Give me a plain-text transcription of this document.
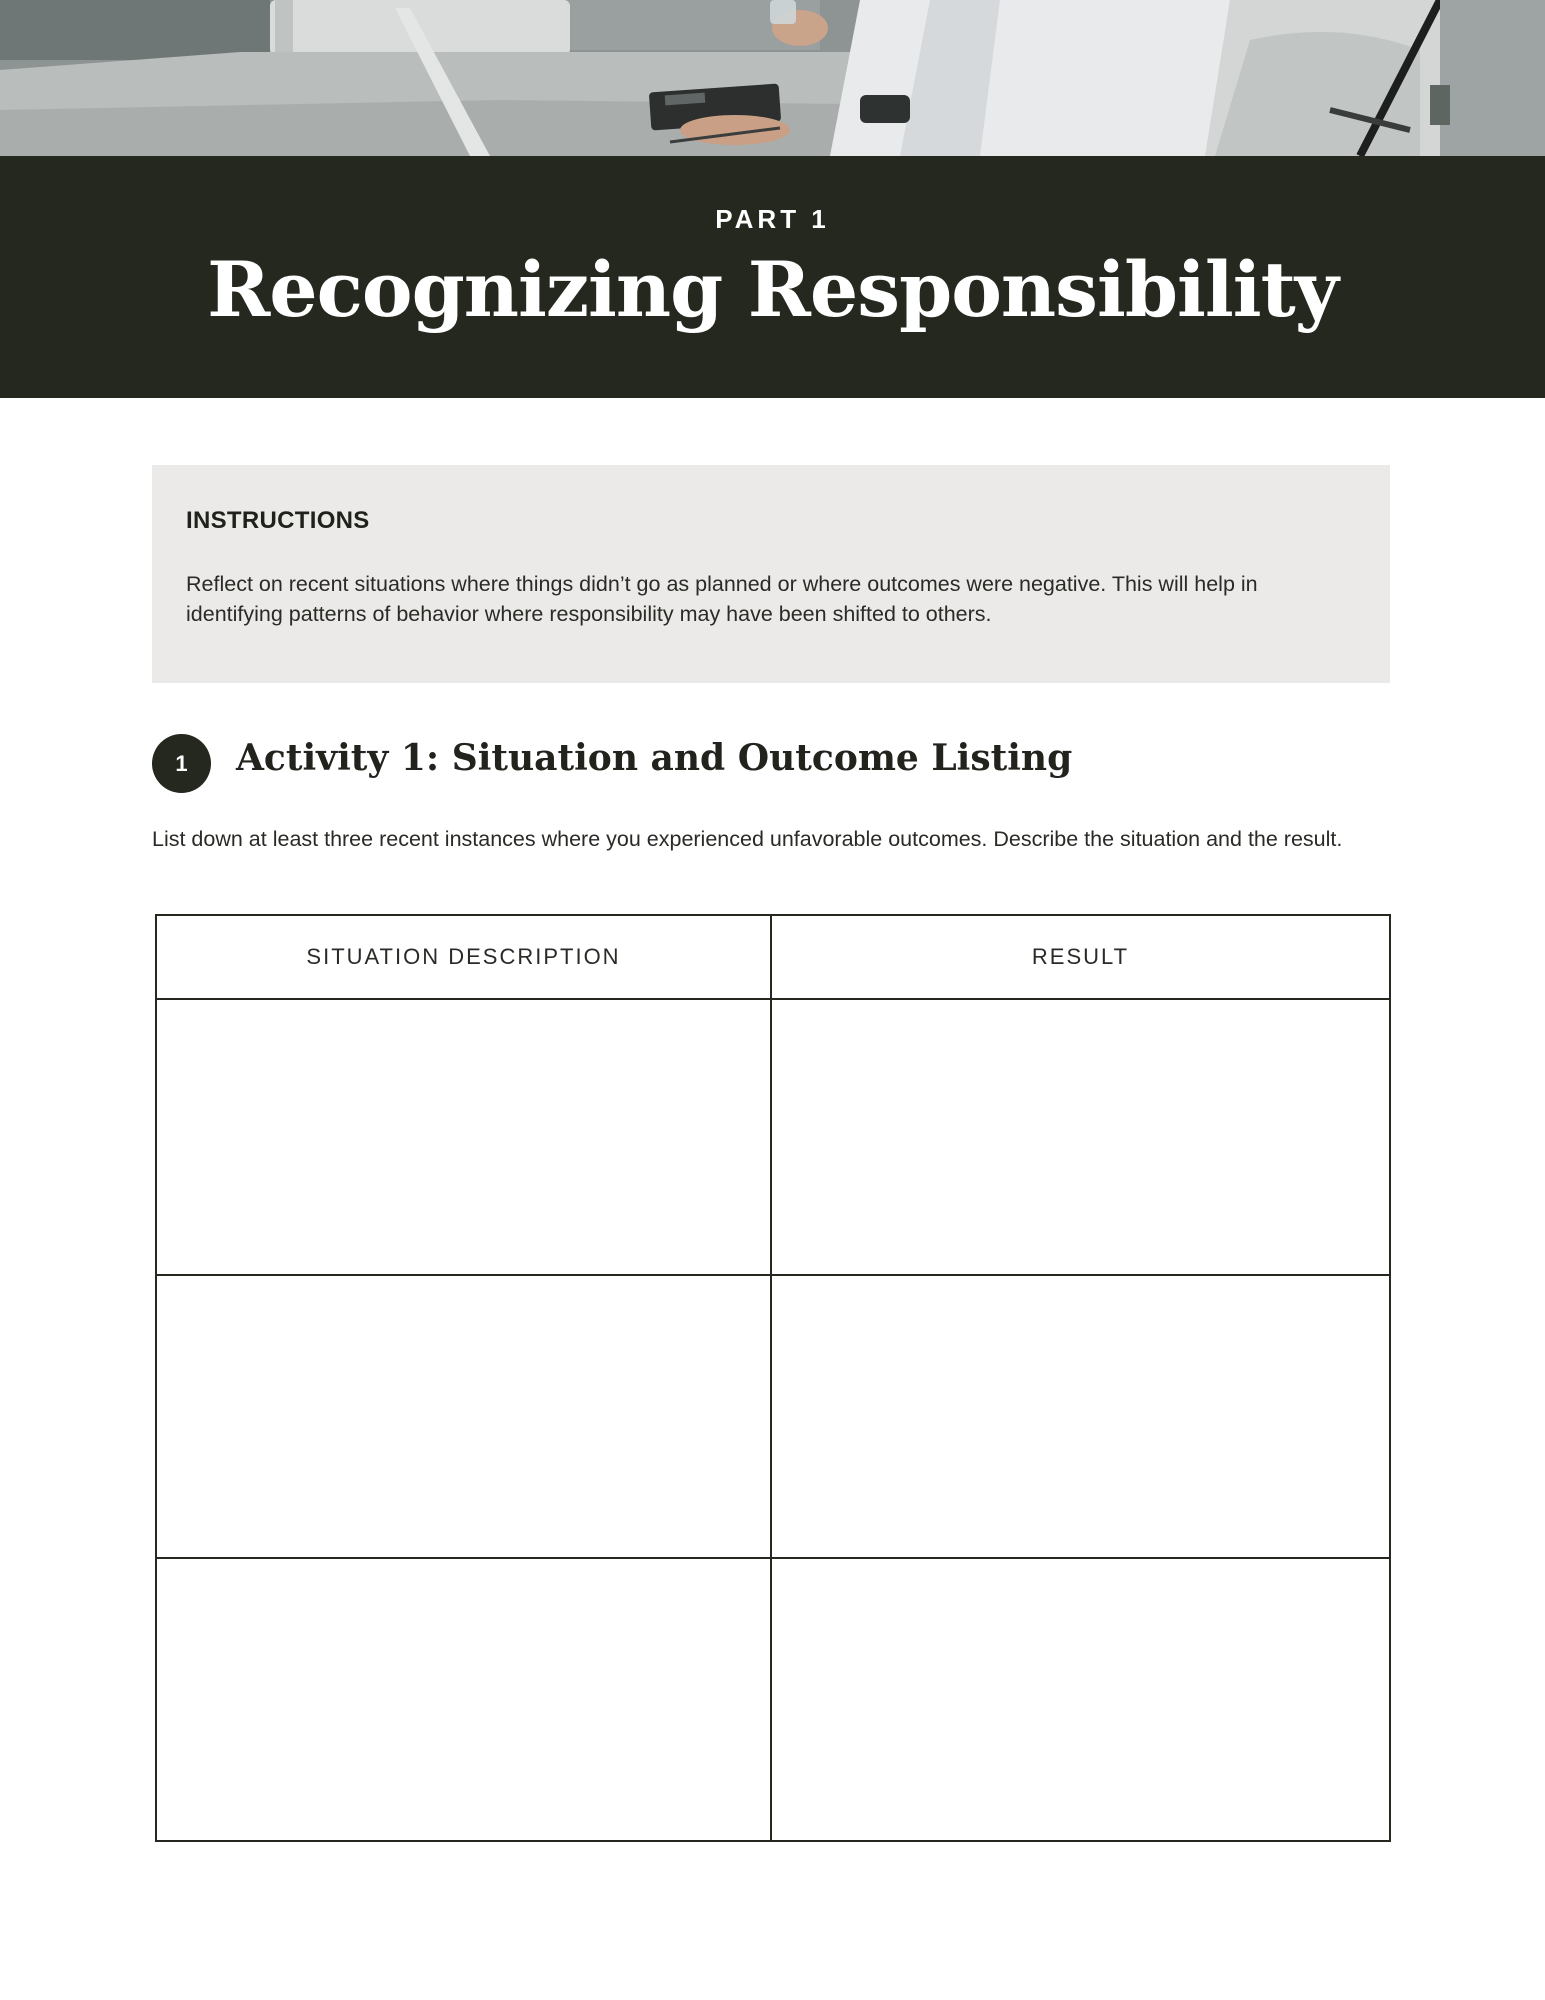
PART 1
Recognizing Responsibility

INSTRUCTIONS

Reflect on recent situations where things didn’t go as planned or where outcomes were negative. This will help in identifying patterns of behavior where responsibility may have been shifted to others.

1	Activity 1: Situation and Outcome Listing

List down at least three recent instances where you experienced unfavorable outcomes. Describe the situation and the result.

SITUATION DESCRIPTION	RESULT
